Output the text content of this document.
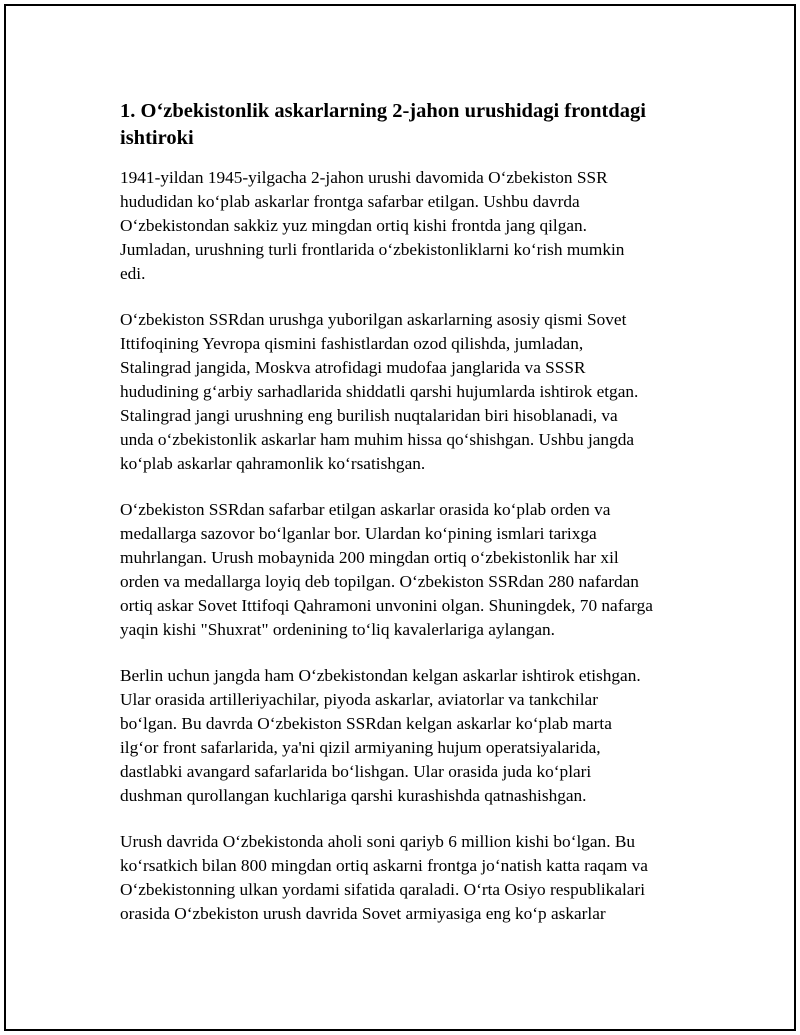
1. O‘zbekistonlik askarlarning 2-jahon urushidagi frontdagi ishtiroki

1941-yildan 1945-yilgacha 2-jahon urushi davomida O‘zbekiston SSR
hududidan ko‘plab askarlar frontga safarbar etilgan. Ushbu davrda
O‘zbekistondan sakkiz yuz mingdan ortiq kishi frontda jang qilgan.
Jumladan, urushning turli frontlarida o‘zbekistonliklarni ko‘rish mumkin
edi.

O‘zbekiston SSRdan urushga yuborilgan askarlarning asosiy qismi Sovet
Ittifoqining Yevropa qismini fashistlardan ozod qilishda, jumladan,
Stalingrad jangida, Moskva atrofidagi mudofaa janglarida va SSSR
hududining g‘arbiy sarhadlarida shiddatli qarshi hujumlarda ishtirok etgan.
Stalingrad jangi urushning eng burilish nuqtalaridan biri hisoblanadi, va
unda o‘zbekistonlik askarlar ham muhim hissa qo‘shishgan. Ushbu jangda
ko‘plab askarlar qahramonlik ko‘rsatishgan.

O‘zbekiston SSRdan safarbar etilgan askarlar orasida ko‘plab orden va
medallarga sazovor bo‘lganlar bor. Ulardan ko‘pining ismlari tarixga
muhrlangan. Urush mobaynida 200 mingdan ortiq o‘zbekistonlik har xil
orden va medallarga loyiq deb topilgan. O‘zbekiston SSRdan 280 nafardan
ortiq askar Sovet Ittifoqi Qahramoni unvonini olgan. Shuningdek, 70 nafarga
yaqin kishi "Shuxrat" ordenining to‘liq kavalerlariga aylangan.

Berlin uchun jangda ham O‘zbekistondan kelgan askarlar ishtirok etishgan.
Ular orasida artilleriyachilar, piyoda askarlar, aviatorlar va tankchilar
bo‘lgan. Bu davrda O‘zbekiston SSRdan kelgan askarlar ko‘plab marta
ilg‘or front safarlarida, ya'ni qizil armiyaning hujum operatsiyalarida,
dastlabki avangard safarlarida bo‘lishgan. Ular orasida juda ko‘plari
dushman qurollangan kuchlariga qarshi kurashishda qatnashishgan.

Urush davrida O‘zbekistonda aholi soni qariyb 6 million kishi bo‘lgan. Bu
ko‘rsatkich bilan 800 mingdan ortiq askarni frontga jo‘natish katta raqam va
O‘zbekistonning ulkan yordami sifatida qaraladi. O‘rta Osiyo respublikalari
orasida O‘zbekiston urush davrida Sovet armiyasiga eng ko‘p askarlar
